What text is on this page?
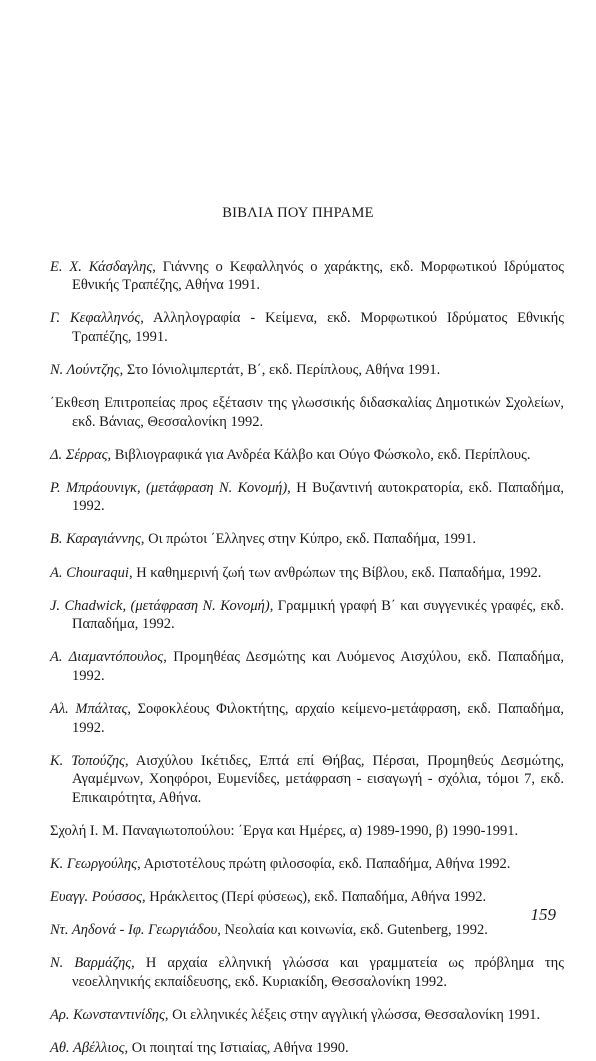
ΒΙΒΛΙΑ ΠΟΥ ΠΗΡΑΜΕ

Ε. Χ. Κάσδαγλης, Γιάννης ο Κεφαλληνός ο χαράκτης, εκδ. Μορφωτικού Ιδρύματος Εθνικής Τραπέζης, Αθήνα 1991.

Γ. Κεφαλληνός, Αλληλογραφία - Κείμενα, εκδ. Μορφωτικού Ιδρύματος Εθνικής Τραπέζης, 1991.

Ν. Λούντζης, Στο Ιόνιολιμπερτάτ, Β΄, εκδ. Περίπλους, Αθήνα 1991.

΄Εκθεση Επιτροπείας προς εξέτασιν της γλωσσικής διδασκαλίας Δημοτικών Σχολείων, εκδ. Βάνιας, Θεσσαλονίκη 1992.

Δ. Σέρρας, Βιβλιογραφικά για Ανδρέα Κάλβο και Ούγο Φώσκολο, εκδ. Περίπλους.

Ρ. Μπράουνιγκ, (μετάφραση Ν. Κονομή), Η Βυζαντινή αυτοκρατορία, εκδ. Παπαδήμα, 1992.

Β. Καραγιάννης, Οι πρώτοι ΄Ελληνες στην Κύπρο, εκδ. Παπαδήμα, 1991.

A. Chouraqui, Η καθημερινή ζωή των ανθρώπων της Βίβλου, εκδ. Παπαδήμα, 1992.

J. Chadwick, (μετάφραση Ν. Κονομή), Γραμμική γραφή Β΄ και συγγενικές γραφές, εκδ. Παπαδήμα, 1992.

Α. Διαμαντόπουλος, Προμηθέας Δεσμώτης και Λυόμενος Αισχύλου, εκδ. Παπαδήμα, 1992.

Αλ. Μπάλτας, Σοφοκλέους Φιλοκτήτης, αρχαίο κείμενο-μετάφραση, εκδ. Παπαδήμα, 1992.

Κ. Τοπούζης, Αισχύλου Ικέτιδες, Επτά επί Θήβας, Πέρσαι, Προμηθεύς Δεσμώτης, Αγαμέμνων, Χοηφόροι, Ευμενίδες, μετάφραση - εισαγωγή - σχόλια, τόμοι 7, εκδ. Επικαιρότητα, Αθήνα.

Σχολή Ι. Μ. Παναγιωτοπούλου: ΄Εργα και Ημέρες, α) 1989-1990, β) 1990-1991.

Κ. Γεωργούλης, Αριστοτέλους πρώτη φιλοσοφία, εκδ. Παπαδήμα, Αθήνα 1992.

Ευαγγ. Ρούσσος, Ηράκλειτος (Περί φύσεως), εκδ. Παπαδήμα, Αθήνα 1992.

Ντ. Αηδονά - Ιφ. Γεωργιάδου, Νεολαία και κοινωνία, εκδ. Gutenberg, 1992.

Ν. Βαρμάζης, Η αρχαία ελληνική γλώσσα και γραμματεία ως πρόβλημα της νεοελληνικής εκπαίδευσης, εκδ. Κυριακίδη, Θεσσαλονίκη 1992.

Αρ. Κωνσταντινίδης, Οι ελληνικές λέξεις στην αγγλική γλώσσα, Θεσσαλονίκη 1991.

Αθ. Αβέλλιος, Οι ποιηταί της Ιστιαίας, Αθήνα 1990.

159
